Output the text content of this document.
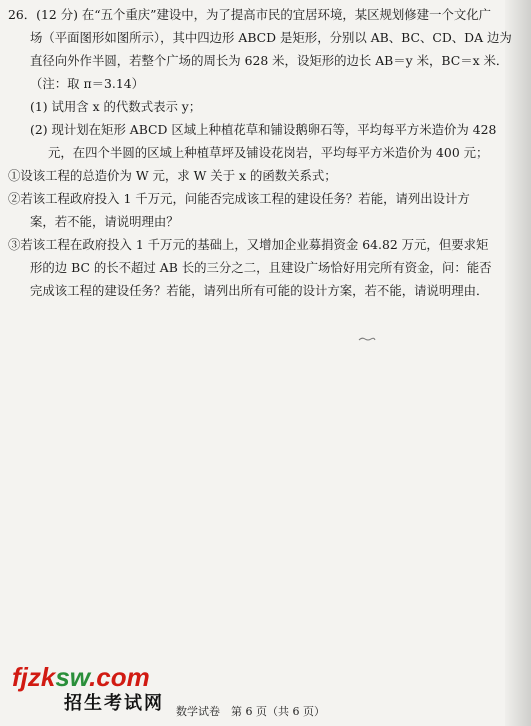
26．(12 分) 在“五个重庆”建设中，为了提高市民的宜居环境，某区规划修建一个文化广
场（平面图形如图所示），其中四边形 ABCD 是矩形，分别以 AB、BC、CD、DA 边为
直径向外作半圆，若整个广场的周长为 628 米，设矩形的边长 AB＝y 米，BC＝x 米．
（注：取 π＝3.14）
(1) 试用含 x 的代数式表示 y；
(2) 现计划在矩形 ABCD 区域上种植花草和铺设鹅卵石等，平均每平方米造价为 428
元，在四个半圆的区域上种植草坪及铺设花岗岩，平均每平方米造价为 400 元；
①设该工程的总造价为 W 元，求 W 关于 x 的函数关系式；
②若该工程政府投入 1 千万元，问能否完成该工程的建设任务？若能，请列出设计方
案，若不能，请说明理由？
③若该工程在政府投入 1 千万元的基础上，又增加企业募捐资金 64.82 万元，但要求矩
形的边 BC 的长不超过 AB 长的三分之二，且建设广场恰好用完所有资金，问：能否
完成该工程的建设任务？若能，请列出所有可能的设计方案，若不能，请说明理由．
fjzksw.com
招生考试网 数学试卷　第 6 页（共 6 页）
